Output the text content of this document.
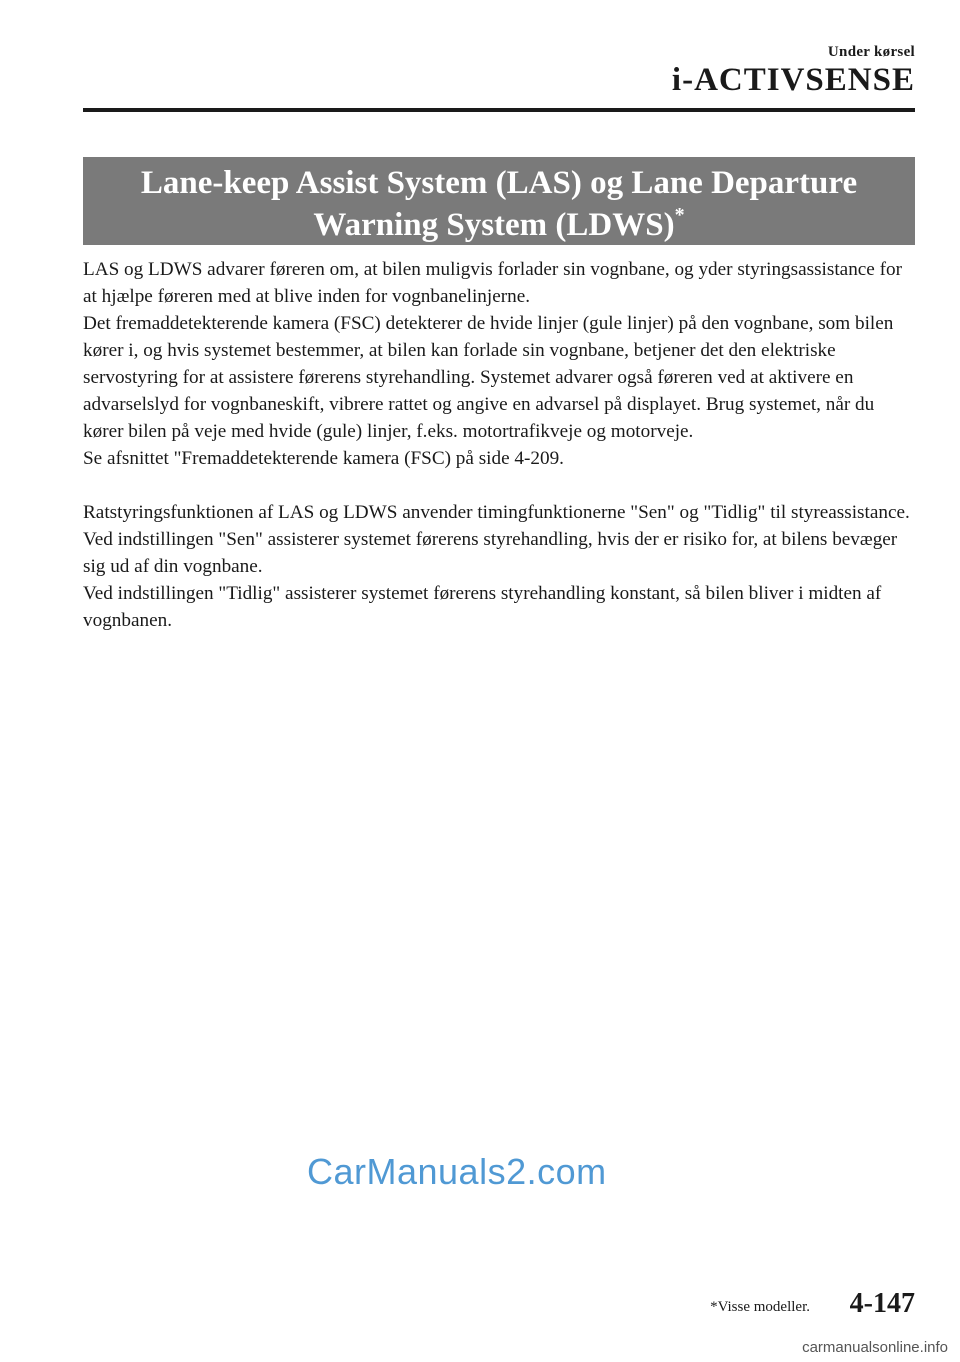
Under kørsel
i-ACTIVSENSE
Lane-keep Assist System (LAS) og Lane Departure
Warning System (LDWS)*

LAS og LDWS advarer føreren om, at bilen muligvis forlader sin vognbane, og yder styringsassistance for at hjælpe føreren med at blive inden for vognbanelinjerne.

Det fremaddetekterende kamera (FSC) detekterer de hvide linjer (gule linjer) på den vognbane, som bilen kører i, og hvis systemet bestemmer, at bilen kan forlade sin vognbane, betjener det den elektriske servostyring for at assistere førerens styrehandling. Systemet advarer også føreren ved at aktivere en advarselslyd for vognbaneskift, vibrere rattet og angive en advarsel på displayet. Brug systemet, når du kører bilen på veje med hvide (gule) linjer, f.eks. motortrafikveje og motorveje.

Se afsnittet "Fremaddetekterende kamera (FSC) på side 4-209.

Ratstyringsfunktionen af LAS og LDWS anvender timingfunktionerne "Sen" og "Tidlig" til styreassistance.

Ved indstillingen "Sen" assisterer systemet førerens styrehandling, hvis der er risiko for, at bilens bevæger sig ud af din vognbane.

Ved indstillingen "Tidlig" assisterer systemet førerens styrehandling konstant, så bilen bliver i midten af vognbanen.

CarManuals2.com
*Visse modeller. 4-147
carmanualsonline.info
